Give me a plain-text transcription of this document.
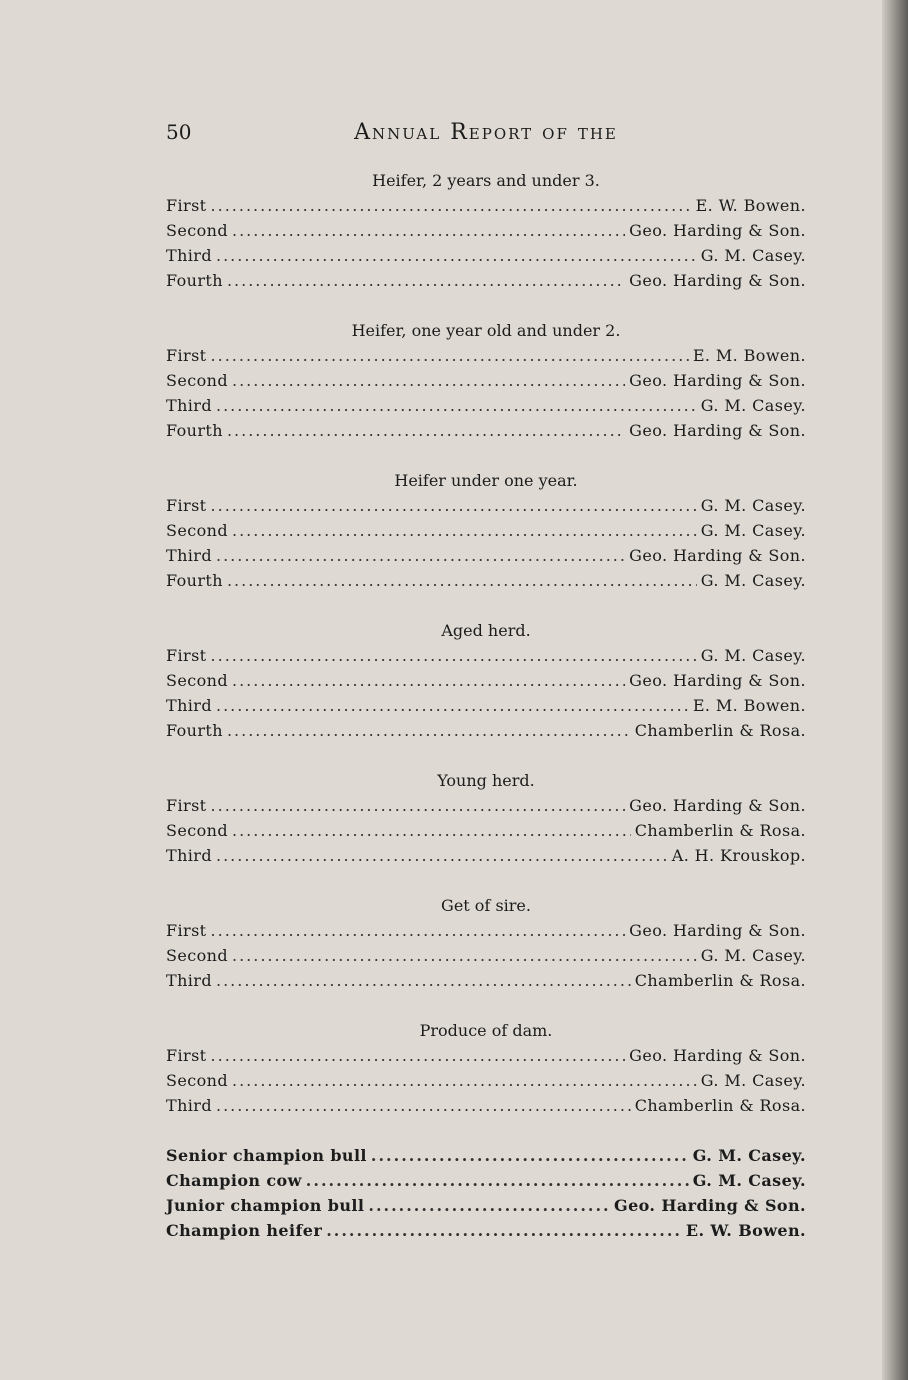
50	Annual Report of the
Heifer, 2 years and under 3.
First .....	E. W. Bowen.
Second .....	Geo. Harding & Son.
Third .....	G. M. Casey.
Fourth .....	Geo. Harding & Son.
Heifer, one year old and under 2.
First .....	E. M. Bowen.
Second .....	Geo. Harding & Son.
Third .....	G. M. Casey.
Fourth .....	Geo. Harding & Son.
Heifer under one year.
First .....	G. M. Casey.
Second .....	G. M. Casey.
Third .....	Geo. Harding & Son.
Fourth .....	G. M. Casey.
Aged herd.
First .....	G. M. Casey.
Second .....	Geo. Harding & Son.
Third .....	E. M. Bowen.
Fourth .....	Chamberlin & Rosa.
Young herd.
First .....	Geo. Harding & Son.
Second .....	Chamberlin & Rosa.
Third .....	A. H. Krouskop.
Get of sire.
First .....	Geo. Harding & Son.
Second .....	G. M. Casey.
Third .....	Chamberlin & Rosa.
Produce of dam.
First .....	Geo. Harding & Son.
Second .....	G. M. Casey.
Third .....	Chamberlin & Rosa.
Senior champion bull .....	G. M. Casey.
Champion cow .....	G. M. Casey.
Junior champion bull .....	Geo. Harding & Son.
Champion heifer .....	E. W. Bowen.
